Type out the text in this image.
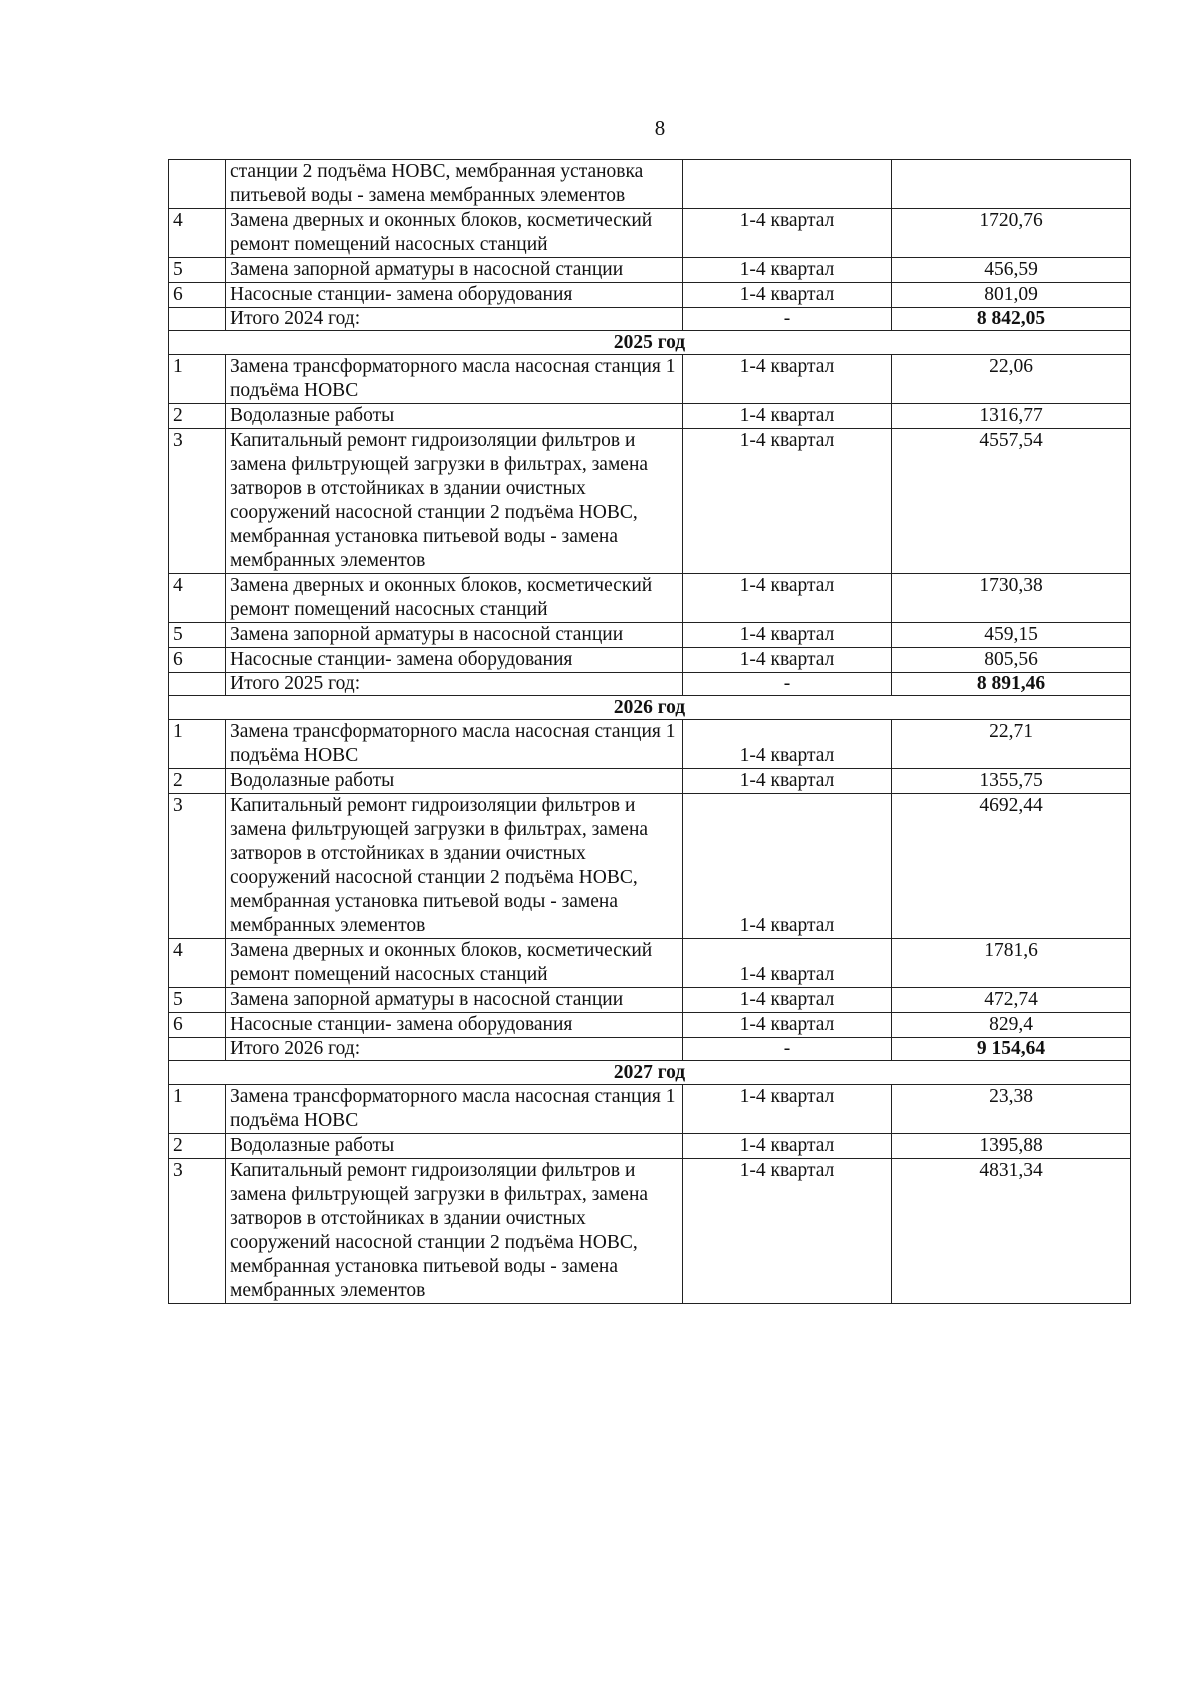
8
	станции 2 подъёма НОВС, мембранная установка питьевой воды - замена мембранных элементов		
4	Замена дверных и оконных блоков, косметический ремонт помещений насосных станций	1-4 квартал	1720,76
5	Замена запорной арматуры в насосной станции	1-4 квартал	456,59
6	Насосные станции- замена оборудования	1-4 квартал	801,09
	Итого 2024 год:	-	8 842,05
2025 год			
1	Замена трансформаторного масла насосная станция 1 подъёма НОВС	1-4 квартал	22,06
2	Водолазные работы	1-4 квартал	1316,77
3	Капитальный ремонт гидроизоляции фильтров и замена фильтрующей загрузки в фильтрах, замена затворов в отстойниках в здании очистных сооружений насосной станции 2 подъёма НОВС, мембранная установка питьевой воды - замена мембранных элементов	1-4 квартал	4557,54
4	Замена дверных и оконных блоков, косметический ремонт помещений насосных станций	1-4 квартал	1730,38
5	Замена запорной арматуры в насосной станции	1-4 квартал	459,15
6	Насосные станции- замена оборудования	1-4 квартал	805,56
	Итого 2025 год:	-	8 891,46
2026 год			
1	Замена трансформаторного масла насосная станция 1 подъёма НОВС	1-4 квартал	22,71
2	Водолазные работы	1-4 квартал	1355,75
3	Капитальный ремонт гидроизоляции фильтров и замена фильтрующей загрузки в фильтрах, замена затворов в отстойниках в здании очистных сооружений насосной станции 2 подъёма НОВС, мембранная установка питьевой воды - замена мембранных элементов	1-4 квартал	4692,44
4	Замена дверных и оконных блоков, косметический ремонт помещений насосных станций	1-4 квартал	1781,6
5	Замена запорной арматуры в насосной станции	1-4 квартал	472,74
6	Насосные станции- замена оборудования	1-4 квартал	829,4
	Итого 2026 год:	-	9 154,64
2027 год			
1	Замена трансформаторного масла насосная станция 1 подъёма НОВС	1-4 квартал	23,38
2	Водолазные работы	1-4 квартал	1395,88
3	Капитальный ремонт гидроизоляции фильтров и замена фильтрующей загрузки в фильтрах, замена затворов в отстойниках в здании очистных сооружений насосной станции 2 подъёма НОВС, мембранная установка питьевой воды - замена мембранных элементов	1-4 квартал	4831,34
